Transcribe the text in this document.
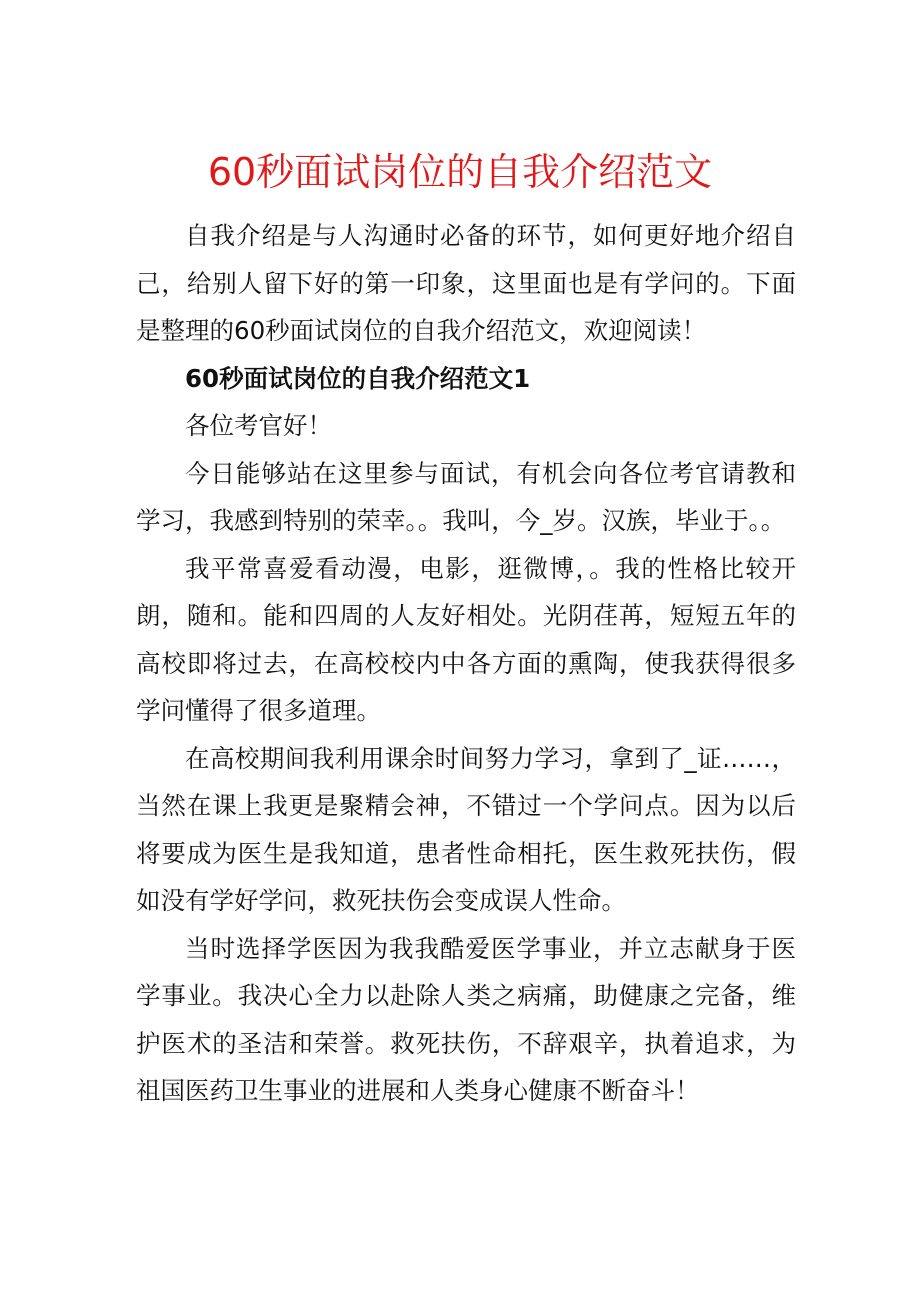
60秒面试岗位的自我介绍范文

自我介绍是与人沟通时必备的环节，如何更好地介绍自己，给别人留下好的第一印象，这里面也是有学问的。下面是整理的60秒面试岗位的自我介绍范文，欢迎阅读！

60秒面试岗位的自我介绍范文1

各位考官好！

今日能够站在这里参与面试，有机会向各位考官请教和学习，我感到特别的荣幸。。我叫，今_岁。汉族，毕业于。。

我平常喜爱看动漫，电影，逛微博，。我的性格比较开朗，随和。能和四周的人友好相处。光阴荏苒，短短五年的高校即将过去，在高校校内中各方面的熏陶，使我获得很多学问懂得了很多道理。

在高校期间我利用课余时间努力学习，拿到了_证……，当然在课上我更是聚精会神，不错过一个学问点。因为以后将要成为医生是我知道，患者性命相托，医生救死扶伤，假如没有学好学问，救死扶伤会变成误人性命。

当时选择学医因为我我酷爱医学事业，并立志献身于医学事业。我决心全力以赴除人类之病痛，助健康之完备，维护医术的圣洁和荣誉。救死扶伤，不辞艰辛，执着追求，为祖国医药卫生事业的进展和人类身心健康不断奋斗！
